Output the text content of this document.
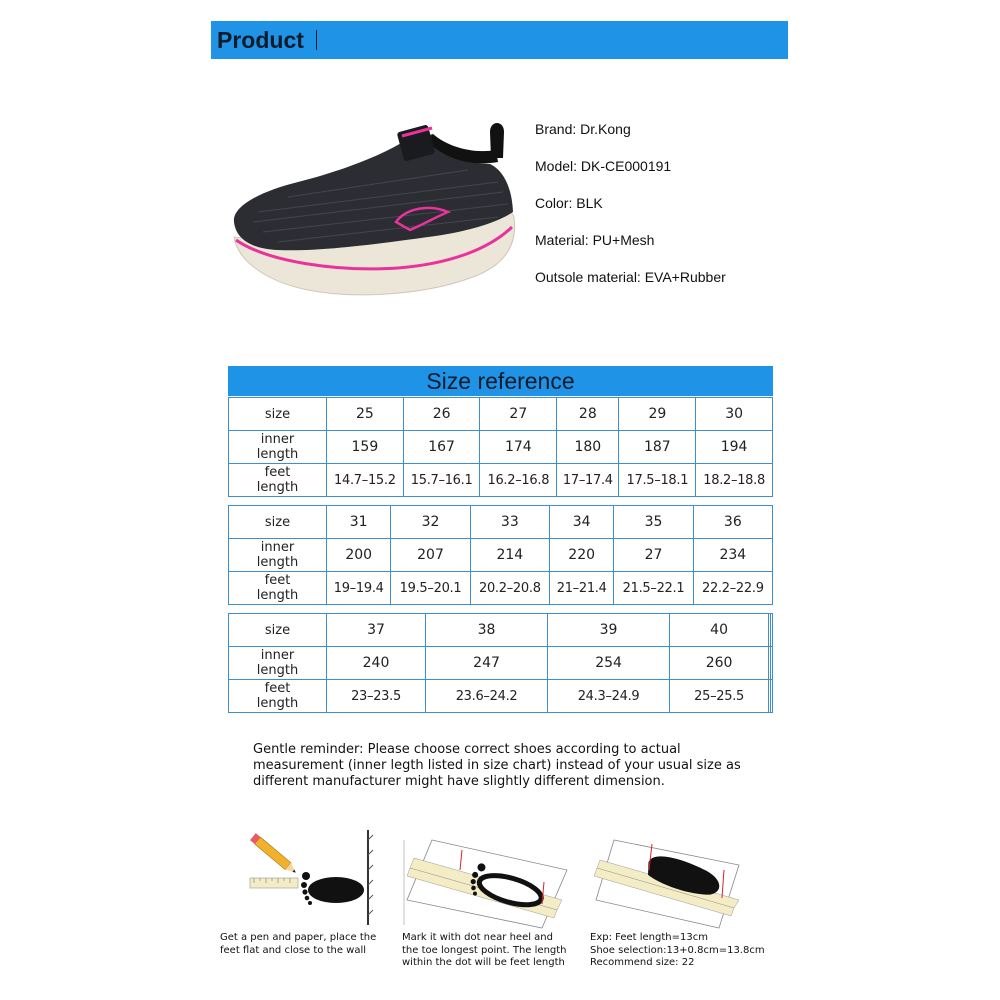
Product
Brand: Dr.Kong
Model: DK-CE000191
Color: BLK
Material: PU+Mesh
Outsole material: EVA+Rubber
Size reference
size	25	26	27	28	29	30
inner
length	159	167	174	180	187	194
feet
length	14.7–15.2	15.7–16.1	16.2–16.8	17–17.4	17.5–18.1	18.2–18.8
size	31	32	33	34	35	36
inner
length	200	207	214	220	27	234
feet
length	19–19.4	19.5–20.1	20.2–20.8	21–21.4	21.5–22.1	22.2–22.9
size	37	38	39	40		
inner
length	240	247	254	260		
feet
length	23–23.5	23.6–24.2	24.3–24.9	25–25.5		
Gentle reminder: Please choose correct shoes according to actual measurement (inner legth listed in size chart) instead of your usual size as different manufacturer might have slightly different dimension.
Get a pen and paper, place the feet flat and close to the wall
Mark it with dot near heel and the toe longest point. The length within the dot will be feet length
Exp: Feet length=13cm
Shoe selection:13+0.8cm=13.8cm
Recommend size: 22
